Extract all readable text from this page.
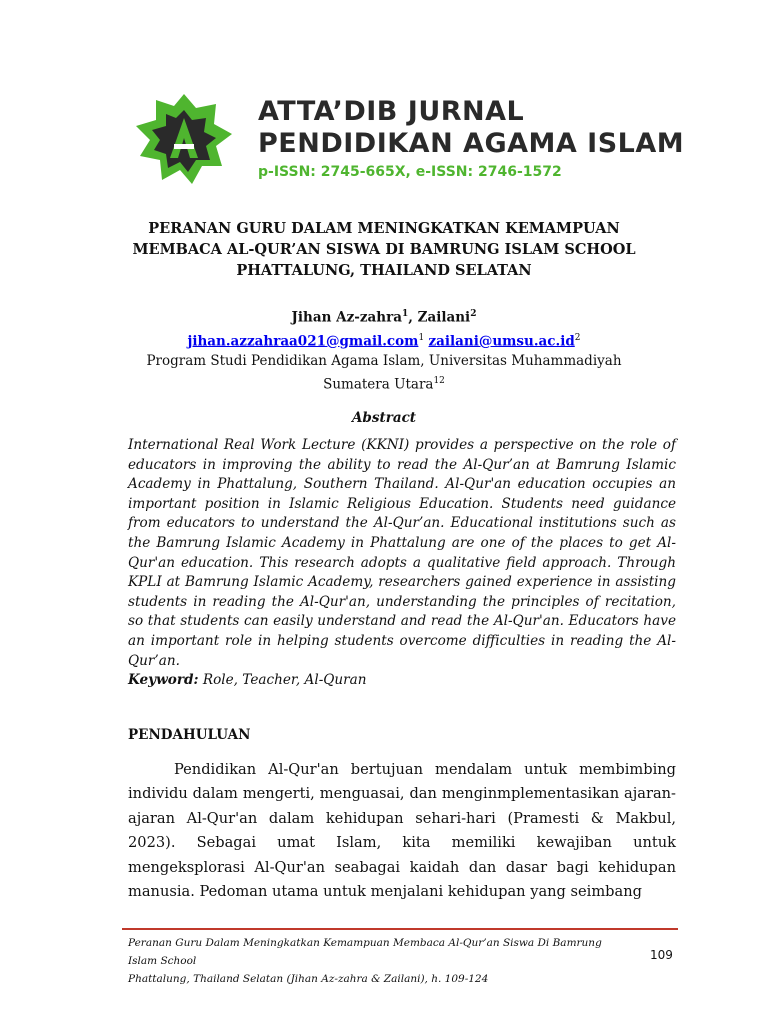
ATTA’DIB JURNAL
PENDIDIKAN AGAMA ISLAM
p-ISSN: 2745-665X, e-ISSN: 2746-1572
PERANAN GURU DALAM MENINGKATKAN KEMAMPUAN
MEMBACA AL-QUR’AN SISWA DI BAMRUNG ISLAM SCHOOL
PHATTALUNG, THAILAND SELATAN
Jihan Az-zahra$^1$, Zailani$^2$
jihan.azzahraa021@gmail.com$^1$ $zailani@umsu.ac.id^2$
Program Studi Pendidikan Agama Islam, Universitas Muhammadiyah
Sumatera Utara$^{12}$
Abstract
International Real Work Lecture (KKNI) provides a perspective on the role of educators in improving the ability to read the Al-Qur’an at Bamrung Islamic Academy in Phattalung, Southern Thailand. Al-Qur'an education occupies an important position in Islamic Religious Education. Students need guidance from educators to understand the Al-Qur’an. Educational institutions such as the Bamrung Islamic Academy in Phattalung are one of the places to get Al-Qur'an education. This research adopts a qualitative field approach. Through KPLI at Bamrung Islamic Academy, researchers gained experience in assisting students in reading the Al-Qur'an, understanding the principles of recitation, so that students can easily understand and read the Al-Qur'an. Educators have an important role in helping students overcome difficulties in reading the Al-Qur’an.
Keyword: Role, Teacher, Al-Quran
PENDAHULUAN
Pendidikan Al-Qur'an bertujuan mendalam untuk membimbing individu dalam mengerti, menguasai, dan menginmplementasikan ajaran-ajaran Al-Qur'an dalam kehidupan sehari-hari (Pramesti & Makbul, 2023). Sebagai umat Islam, kita memiliki kewajiban untuk mengeksplorasi Al-Qur'an seabagai kaidah dan dasar bagi kehidupan manusia. Pedoman utama untuk menjalani kehidupan yang seimbang
Peranan Guru Dalam Meningkatkan Kemampuan Membaca Al-Qur’an Siswa Di Bamrung Islam School
Phattalung, Thailand Selatan (Jihan Az-zahra & Zailani), h. 109-124
109
